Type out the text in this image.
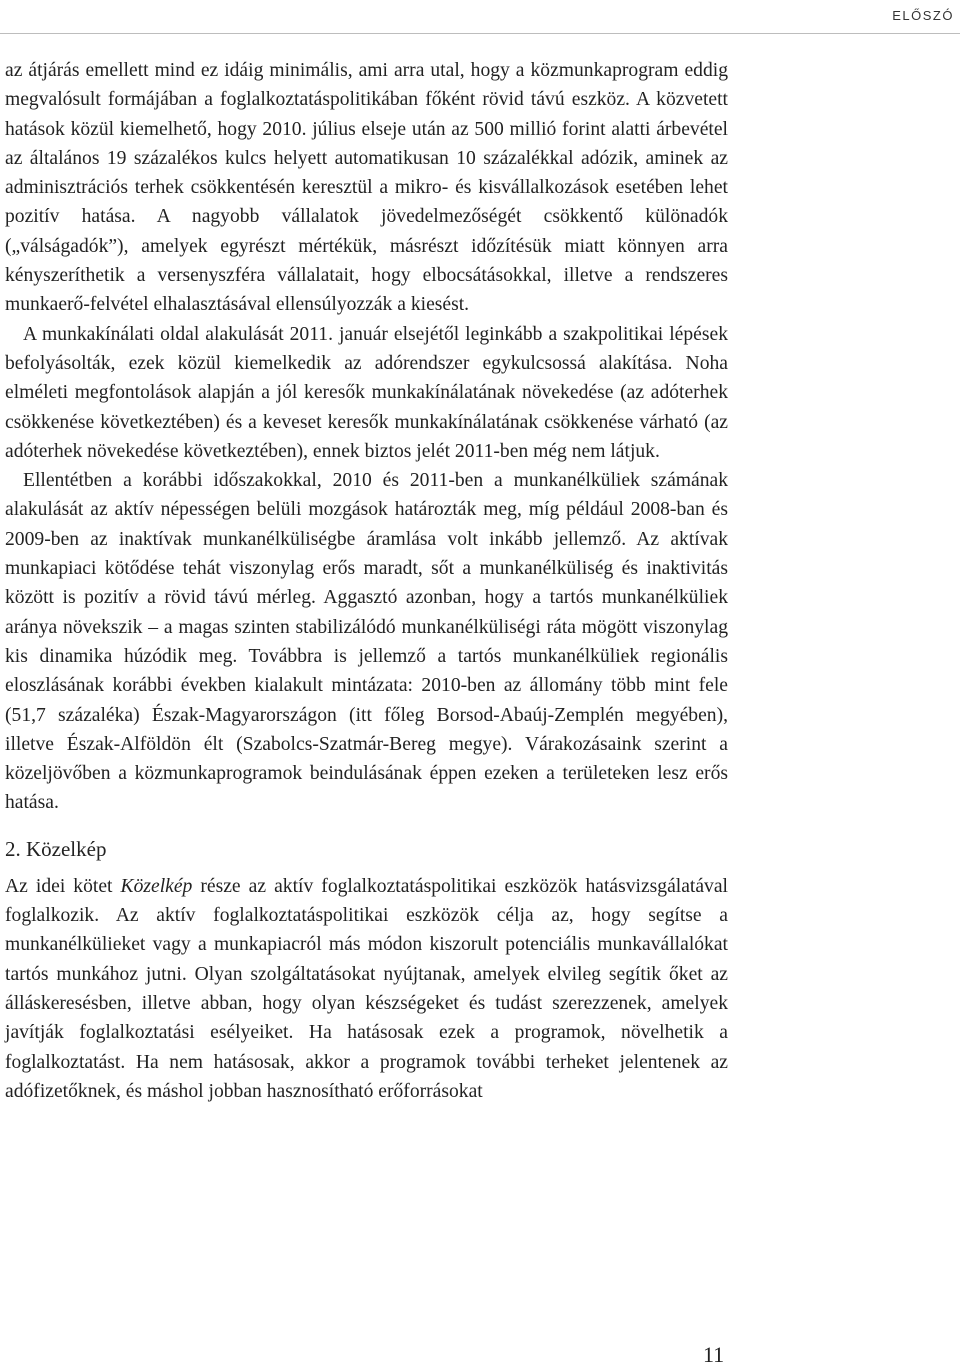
ELŐSZÓ

az átjárás emellett mind ez idáig minimális, ami arra utal, hogy a közmunkaprogram eddig megvalósult formájában a foglalkoztatáspolitikában főként rövid távú eszköz. A közvetett hatások közül kiemelhető, hogy 2010. július elseje után az 500 millió forint alatti árbevétel az általános 19 százalékos kulcs helyett automatikusan 10 százalékkal adózik, aminek az adminisztrációs terhek csökkentésén keresztül a mikro- és kisvállalkozások esetében lehet pozitív hatása. A nagyobb vállalatok jövedelmezőségét csökkentő különadók („válságadók”), amelyek egyrészt mértékük, másrészt időzítésük miatt könnyen arra kényszeríthetik a versenyszféra vállalatait, hogy elbocsátásokkal, illetve a rendszeres munkaerő-felvétel elhalasztásával ellensúlyozzák a kiesést.

A munkakínálati oldal alakulását 2011. január elsejétől leginkább a szakpolitikai lépések befolyásolták, ezek közül kiemelkedik az adórendszer egykulcsossá alakítása. Noha elméleti megfontolások alapján a jól keresők munkakínálatának növekedése (az adóterhek csökkenése következtében) és a keveset keresők munkakínálatának csökkenése várható (az adóterhek növekedése következtében), ennek biztos jelét 2011-ben még nem látjuk.

Ellentétben a korábbi időszakokkal, 2010 és 2011-ben a munkanélküliek számának alakulását az aktív népességen belüli mozgások határozták meg, míg például 2008-ban és 2009-ben az inaktívak munkanélküliségbe áramlása volt inkább jellemző. Az aktívak munkapiaci kötődése tehát viszonylag erős maradt, sőt a munkanélküliség és inaktivitás között is pozitív a rövid távú mérleg. Aggasztó azonban, hogy a tartós munkanélküliek aránya növekszik – a magas szinten stabilizálódó munkanélküliségi ráta mögött viszonylag kis dinamika húzódik meg. Továbbra is jellemző a tartós munkanélküliek regionális eloszlásának korábbi években kialakult mintázata: 2010-ben az állomány több mint fele (51,7 százaléka) Észak-Magyarországon (itt főleg Borsod-Abaúj-Zemplén megyében), illetve Észak-Alföldön élt (Szabolcs-Szatmár-Bereg megye). Várakozásaink szerint a közeljövőben a közmunkaprogramok beindulásának éppen ezeken a területeken lesz erős hatása.

2. Közelkép

Az idei kötet Közelkép része az aktív foglalkoztatáspolitikai eszközök hatásvizsgálatával foglalkozik. Az aktív foglalkoztatáspolitikai eszközök célja az, hogy segítse a munkanélkülieket vagy a munkapiacról más módon kiszorult potenciális munkavállalókat tartós munkához jutni. Olyan szolgáltatásokat nyújtanak, amelyek elvileg segítik őket az álláskeresésben, illetve abban, hogy olyan készségeket és tudást szerezzenek, amelyek javítják foglalkoztatási esélyeiket. Ha hatásosak ezek a programok, növelhetik a foglalkoztatást. Ha nem hatásosak, akkor a programok további terheket jelentenek az adófizetőknek, és máshol jobban hasznosítható erőforrásokat

11
